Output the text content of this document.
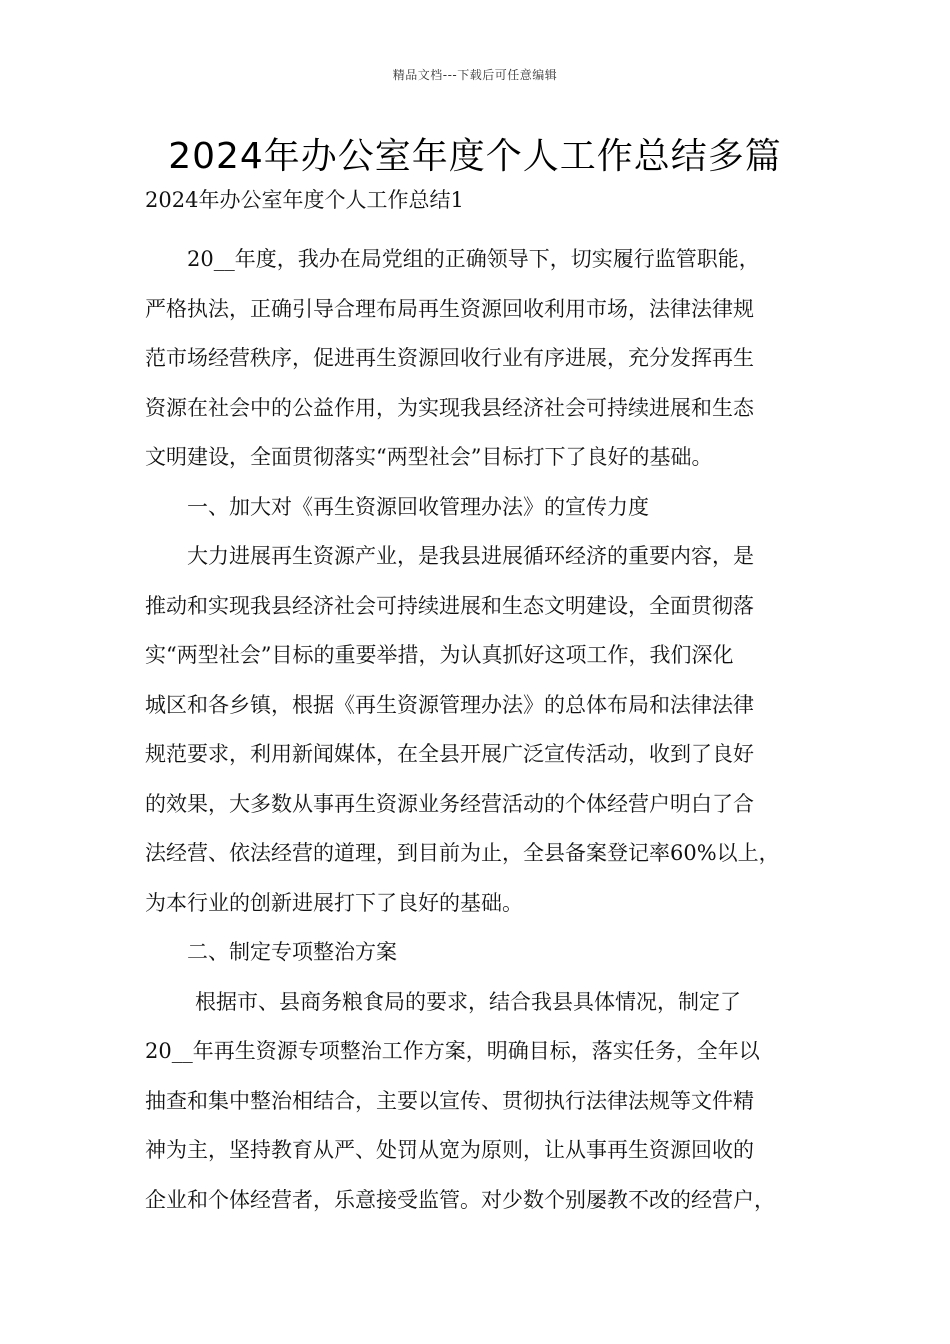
精品文档---下载后可任意编辑
2024年办公室年度个人工作总结多篇

2024年办公室年度个人工作总结1

20__年度，我办在局党组的正确领导下，切实履行监管职能，
严格执法，正确引导合理布局再生资源回收利用市场，法律法律规
范市场经营秩序，促进再生资源回收行业有序进展，充分发挥再生
资源在社会中的公益作用，为实现我县经济社会可持续进展和生态
文明建设，全面贯彻落实“两型社会”目标打下了良好的基础。
一、加大对《再生资源回收管理办法》的宣传力度
大力进展再生资源产业，是我县进展循环经济的重要内容，是
推动和实现我县经济社会可持续进展和生态文明建设，全面贯彻落
实“两型社会”目标的重要举措，为认真抓好这项工作，我们深化
城区和各乡镇，根据《再生资源管理办法》的总体布局和法律法律
规范要求，利用新闻媒体，在全县开展广泛宣传活动，收到了良好
的效果，大多数从事再生资源业务经营活动的个体经营户明白了合
法经营、依法经营的道理，到目前为止，全县备案登记率60%以上，
为本行业的创新进展打下了良好的基础。
二、制定专项整治方案
根据市、县商务粮食局的要求，结合我县具体情况，制定了
20__年再生资源专项整治工作方案，明确目标，落实任务，全年以
抽查和集中整治相结合，主要以宣传、贯彻执行法律法规等文件精
神为主，坚持教育从严、处罚从宽为原则，让从事再生资源回收的
企业和个体经营者，乐意接受监管。对少数个别屡教不改的经营户，
